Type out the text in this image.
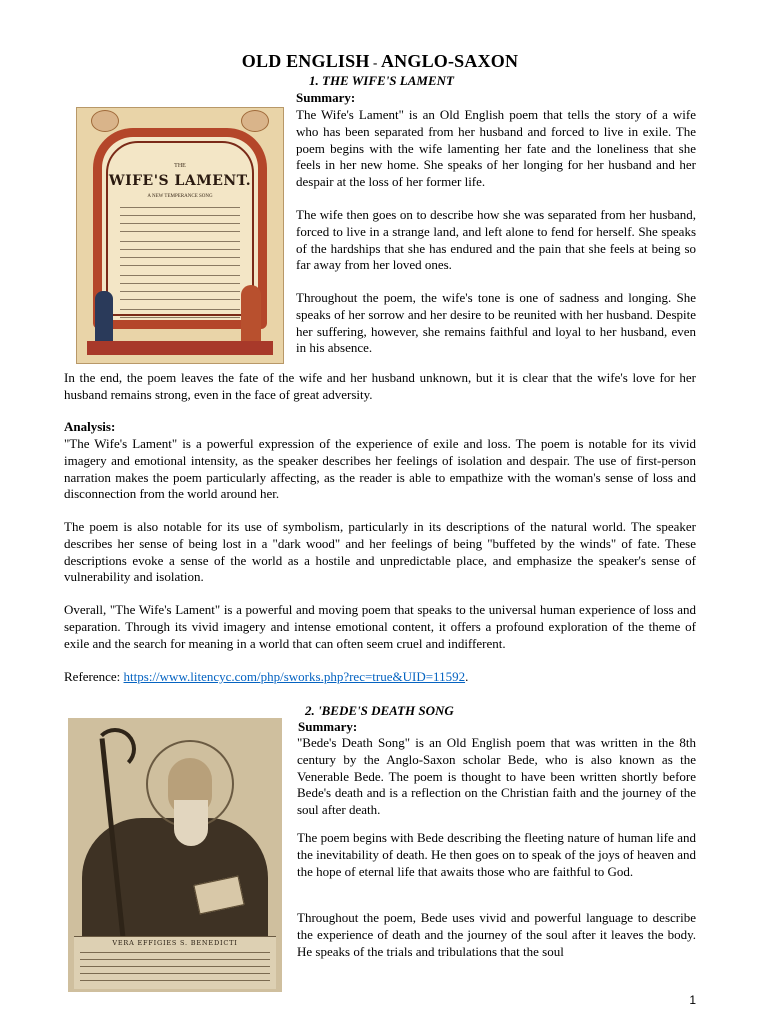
OLD ENGLISH - ANGLO-SAXON
1. THE WIFE'S LAMENT
Summary:
THE
WIFE'S LAMENT.
A NEW TEMPERANCE SONG

The Wife's Lament" is an Old English poem that tells the story of a wife who has been separated from her husband and forced to live in exile. The poem begins with the wife lamenting her fate and the loneliness that she feels in her new home. She speaks of her longing for her husband and her despair at the loss of her former life.

The wife then goes on to describe how she was separated from her husband, forced to live in a strange land, and left alone to fend for herself. She speaks of the hardships that she has endured and the pain that she feels at being so far away from her loved ones.

Throughout the poem, the wife's tone is one of sadness and longing. She speaks of her sorrow and her desire to be reunited with her husband. Despite her suffering, however, she remains faithful and loyal to her husband, even in his absence.

In the end, the poem leaves the fate of the wife and her husband unknown, but it is clear that the wife's love for her husband remains strong, even in the face of great adversity.

Analysis:

"The Wife's Lament" is a powerful expression of the experience of exile and loss. The poem is notable for its vivid imagery and emotional intensity, as the speaker describes her feelings of isolation and despair. The use of first-person narration makes the poem particularly affecting, as the reader is able to empathize with the woman's sense of loss and disconnection from the world around her.

The poem is also notable for its use of symbolism, particularly in its descriptions of the natural world. The speaker describes her sense of being lost in a "dark wood" and her feelings of being "buffeted by the winds" of fate. These descriptions evoke a sense of the world as a hostile and unpredictable place, and emphasize the speaker's sense of vulnerability and isolation.

Overall, "The Wife's Lament" is a powerful and moving poem that speaks to the universal human experience of loss and separation. Through its vivid imagery and intense emotional content, it offers a profound exploration of the theme of exile and the search for meaning in a world that can often seem cruel and indifferent.

Reference: https://www.litencyc.com/php/sworks.php?rec=true&UID=11592.
2. 'BEDE'S DEATH SONG
Summary:
VERA EFFIGIES S. BENEDICTI

"Bede's Death Song" is an Old English poem that was written in the 8th century by the Anglo-Saxon scholar Bede, who is also known as the Venerable Bede. The poem is thought to have been written shortly before Bede's death and is a reflection on the Christian faith and the journey of the soul after death.

The poem begins with Bede describing the fleeting nature of human life and the inevitability of death. He then goes on to speak of the joys of heaven and the hope of eternal life that awaits those who are faithful to God.

Throughout the poem, Bede uses vivid and powerful language to describe the experience of death and the journey of the soul after it leaves the body. He speaks of the trials and tribulations that the soul

1
